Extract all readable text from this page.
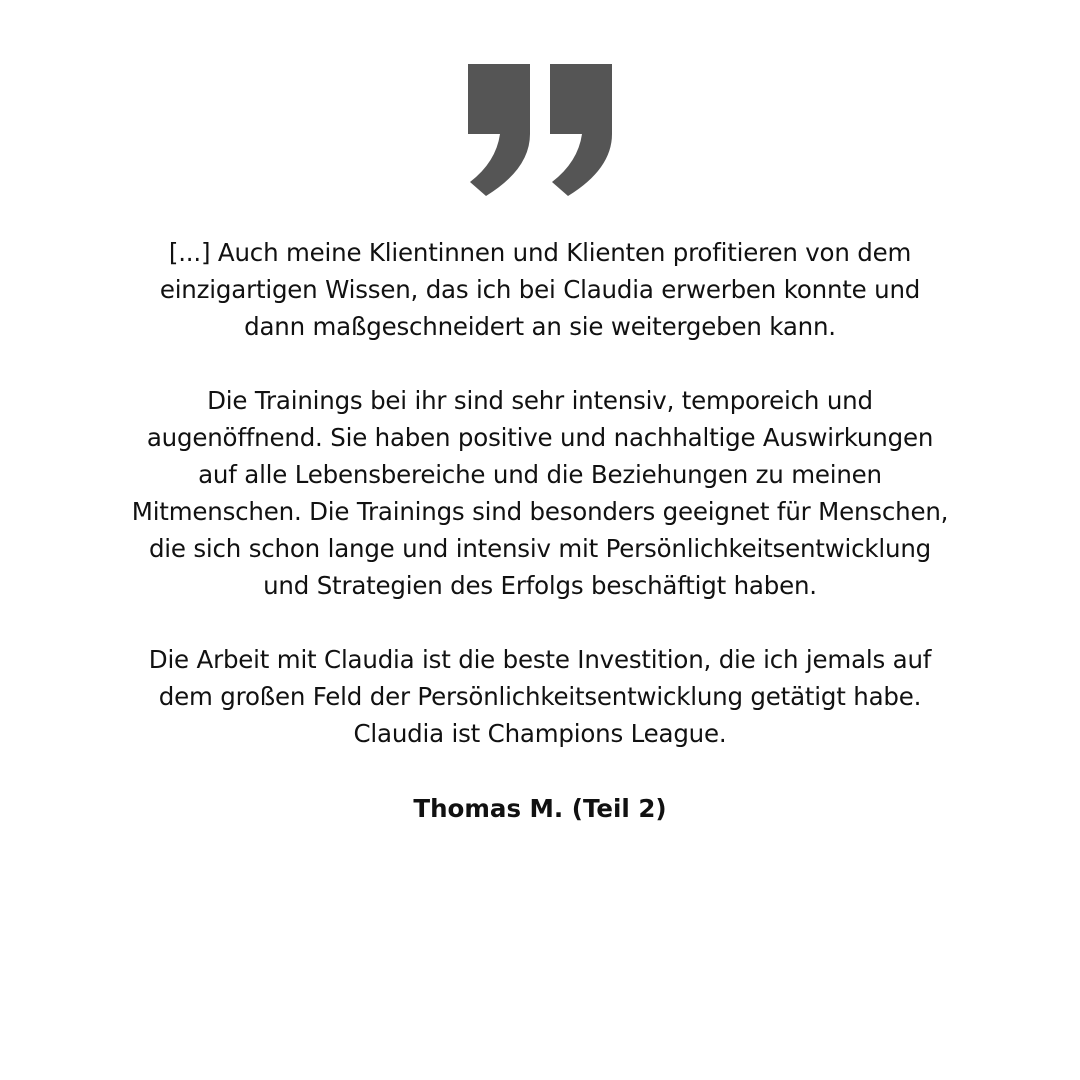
[...] Auch meine Klientinnen und Klienten profitieren von dem
einzigartigen Wissen, das ich bei Claudia erwerben konnte und
dann maßgeschneidert an sie weitergeben kann.

Die Trainings bei ihr sind sehr intensiv, temporeich und
augenöffnend. Sie haben positive und nachhaltige Auswirkungen
auf alle Lebensbereiche und die Beziehungen zu meinen
Mitmenschen. Die Trainings sind besonders geeignet für Menschen,
die sich schon lange und intensiv mit Persönlichkeitsentwicklung
und Strategien des Erfolgs beschäftigt haben.

Die Arbeit mit Claudia ist die beste Investition, die ich jemals auf
dem großen Feld der Persönlichkeitsentwicklung getätigt habe.
Claudia ist Champions League.

Thomas M. (Teil 2)
